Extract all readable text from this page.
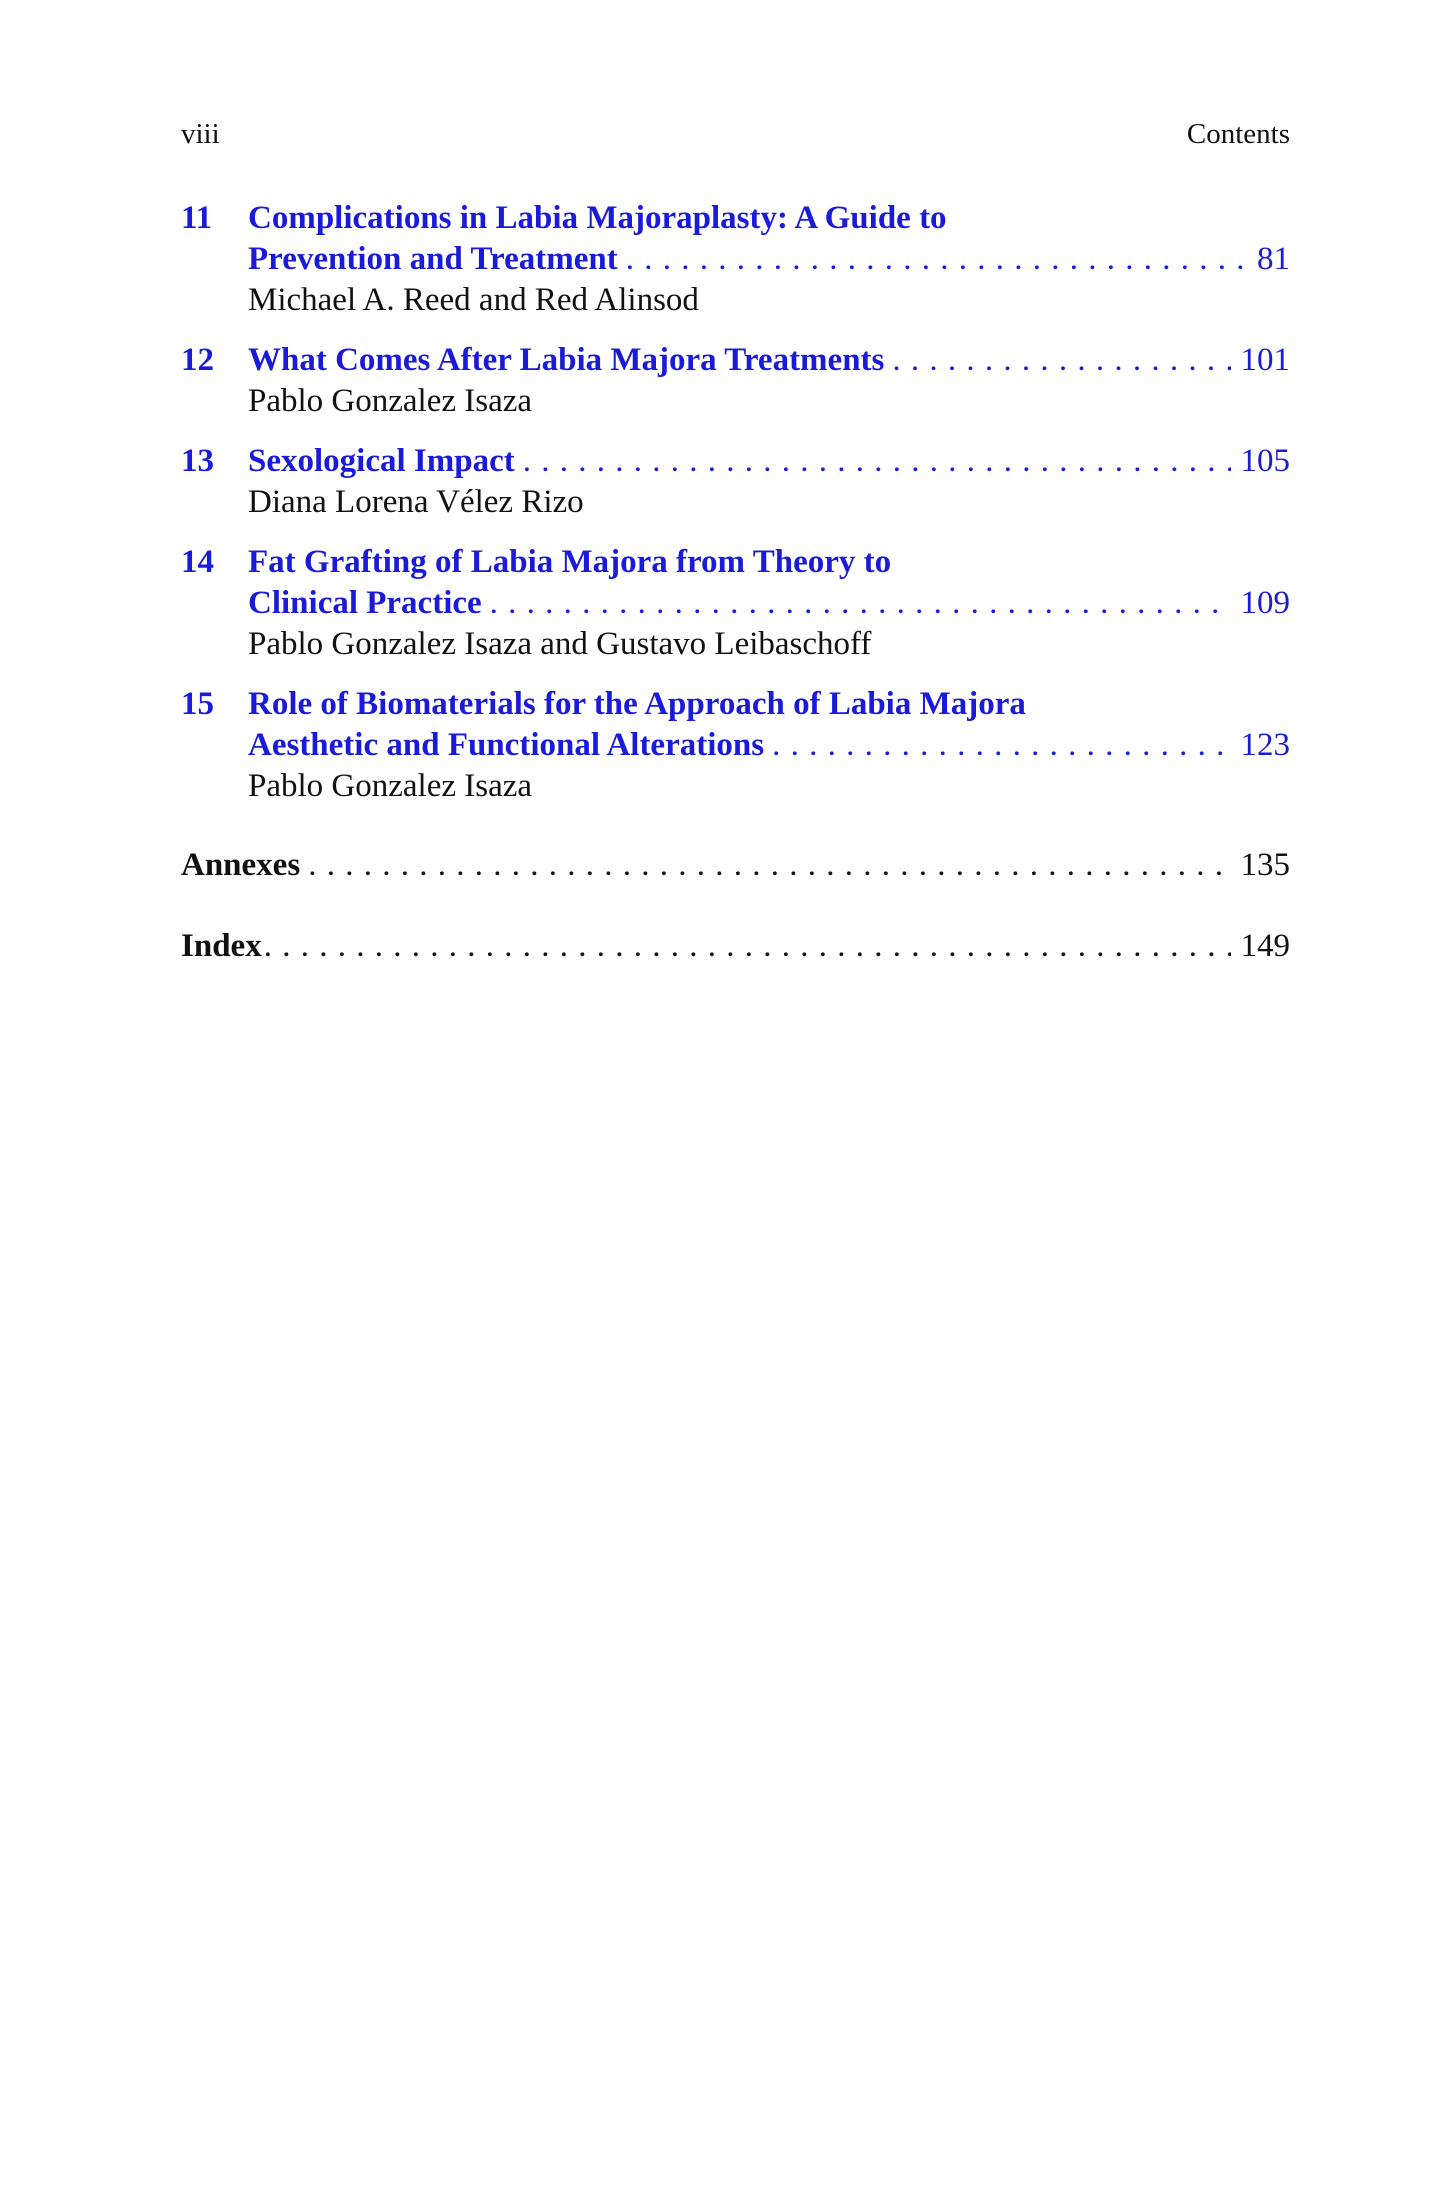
viii	Contents
11	Complications in Labia Majoraplasty: A Guide to
Prevention and Treatment . . .	81
Michael A. Reed and Red Alinsod
12	What Comes After Labia Majora Treatments . . .	101
Pablo Gonzalez Isaza
13	Sexological Impact . . .	105
Diana Lorena Vélez Rizo
14	Fat Grafting of Labia Majora from Theory to
Clinical Practice . . .	109
Pablo Gonzalez Isaza and Gustavo Leibaschoff
15	Role of Biomaterials for the Approach of Labia Majora
Aesthetic and Functional Alterations . . .	123
Pablo Gonzalez Isaza
Annexes . . .	135
Index . . .	149
